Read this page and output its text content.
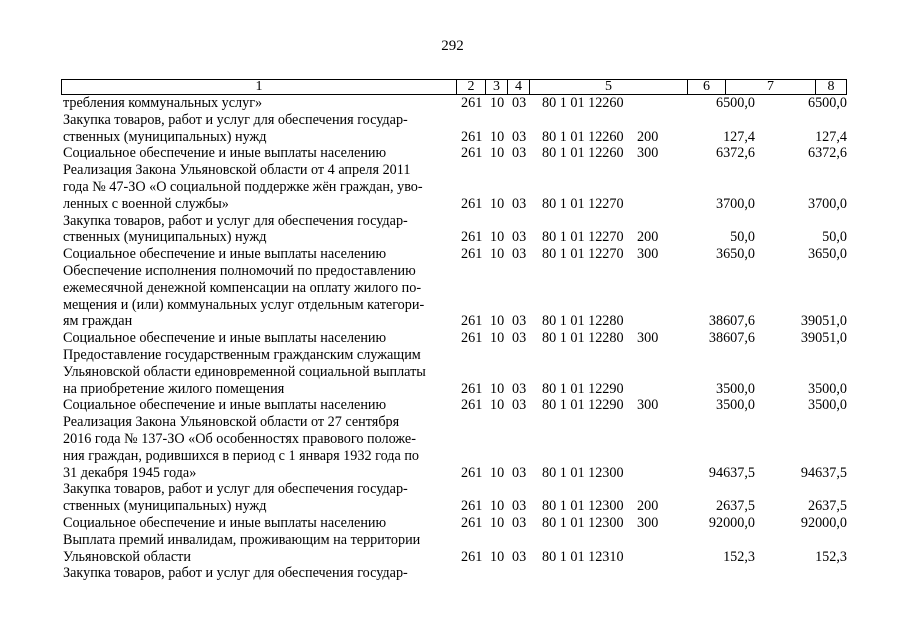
292
1	2	3	4	5	6	7	8
требления коммунальных услуг»	261 10 03 80 1 01 12260	6500,0	6500,0
Закупка товаров, работ и услуг для обеспечения государ-
ственных (муниципальных) нужд	261 10 03 80 1 01 12260 200	127,4	127,4
Социальное обеспечение и иные выплаты населению	261 10 03 80 1 01 12260 300	6372,6	6372,6
Реализация Закона Ульяновской области от 4 апреля 2011
года № 47-ЗО «О социальной поддержке жён граждан, уво-
ленных с военной службы»	261 10 03 80 1 01 12270	3700,0	3700,0
Закупка товаров, работ и услуг для обеспечения государ-
ственных (муниципальных) нужд	261 10 03 80 1 01 12270 200	50,0	50,0
Социальное обеспечение и иные выплаты населению	261 10 03 80 1 01 12270 300	3650,0	3650,0
Обеспечение исполнения полномочий по предоставлению
ежемесячной денежной компенсации на оплату жилого по-
мещения и (или) коммунальных услуг отдельным категори-
ям граждан	261 10 03 80 1 01 12280	38607,6	39051,0
Социальное обеспечение и иные выплаты населению	261 10 03 80 1 01 12280 300	38607,6	39051,0
Предоставление государственным гражданским служащим
Ульяновской области единовременной социальной выплаты
на приобретение жилого помещения	261 10 03 80 1 01 12290	3500,0	3500,0
Социальное обеспечение и иные выплаты населению	261 10 03 80 1 01 12290 300	3500,0	3500,0
Реализация Закона Ульяновской области от 27 сентября
2016 года № 137-ЗО «Об особенностях правового положе-
ния граждан, родившихся в период с 1 января 1932 года по
31 декабря 1945 года»	261 10 03 80 1 01 12300	94637,5	94637,5
Закупка товаров, работ и услуг для обеспечения государ-
ственных (муниципальных) нужд	261 10 03 80 1 01 12300 200	2637,5	2637,5
Социальное обеспечение и иные выплаты населению	261 10 03 80 1 01 12300 300	92000,0	92000,0
Выплата премий инвалидам, проживающим на территории
Ульяновской области	261 10 03 80 1 01 12310	152,3	152,3
Закупка товаров, работ и услуг для обеспечения государ-
